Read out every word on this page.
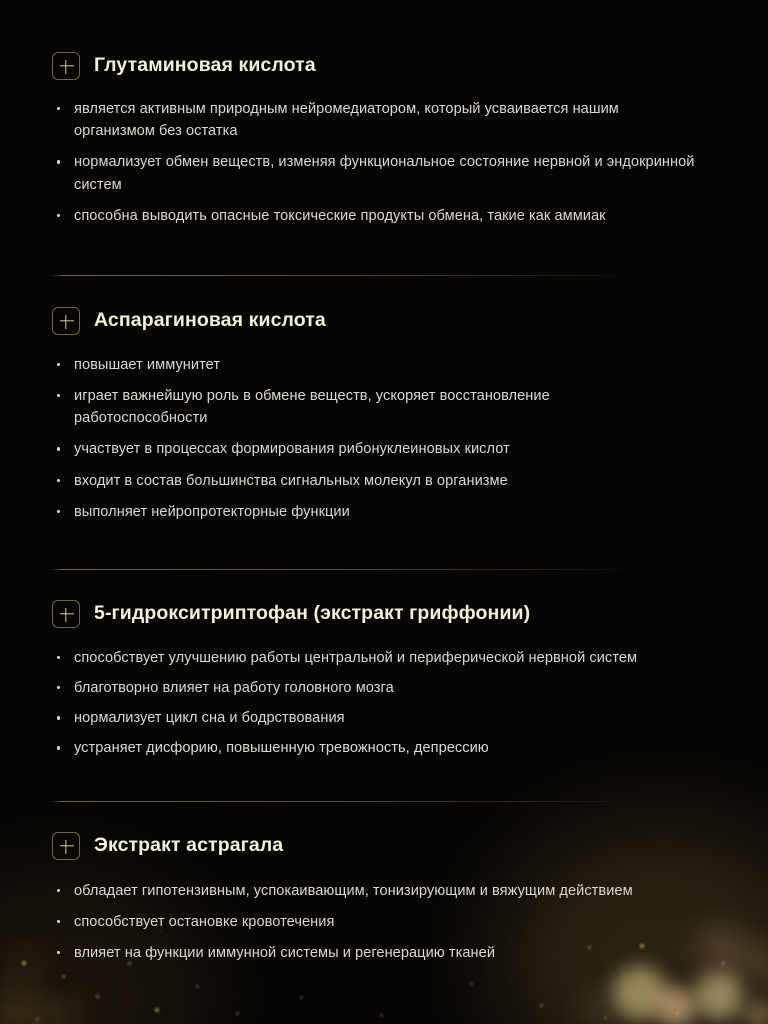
Глутаминовая кислота
является активным природным нейромедиатором, который усваивается нашим организмом без остатка
нормализует обмен веществ, изменяя функциональное состояние нервной и эндокринной систем
способна выводить опасные токсические продукты обмена, такие как аммиак
Аспарагиновая кислота
повышает иммунитет
играет важнейшую роль в обмене веществ, ускоряет восстановление работоспособности
участвует в процессах формирования рибонуклеиновых кислот
входит в состав большинства сигнальных молекул в организме
выполняет нейропротекторные функции
5-гидрокситриптофан (экстракт гриффонии)
способствует улучшению работы центральной и периферической нервной систем
благотворно влияет на работу головного мозга
нормализует цикл сна и бодрствования
устраняет дисфорию, повышенную тревожность, депрессию
Экстракт астрагала
обладает гипотензивным, успокаивающим, тонизирующим и вяжущим действием
способствует остановке кровотечения
влияет на функции иммунной системы и регенерацию тканей
